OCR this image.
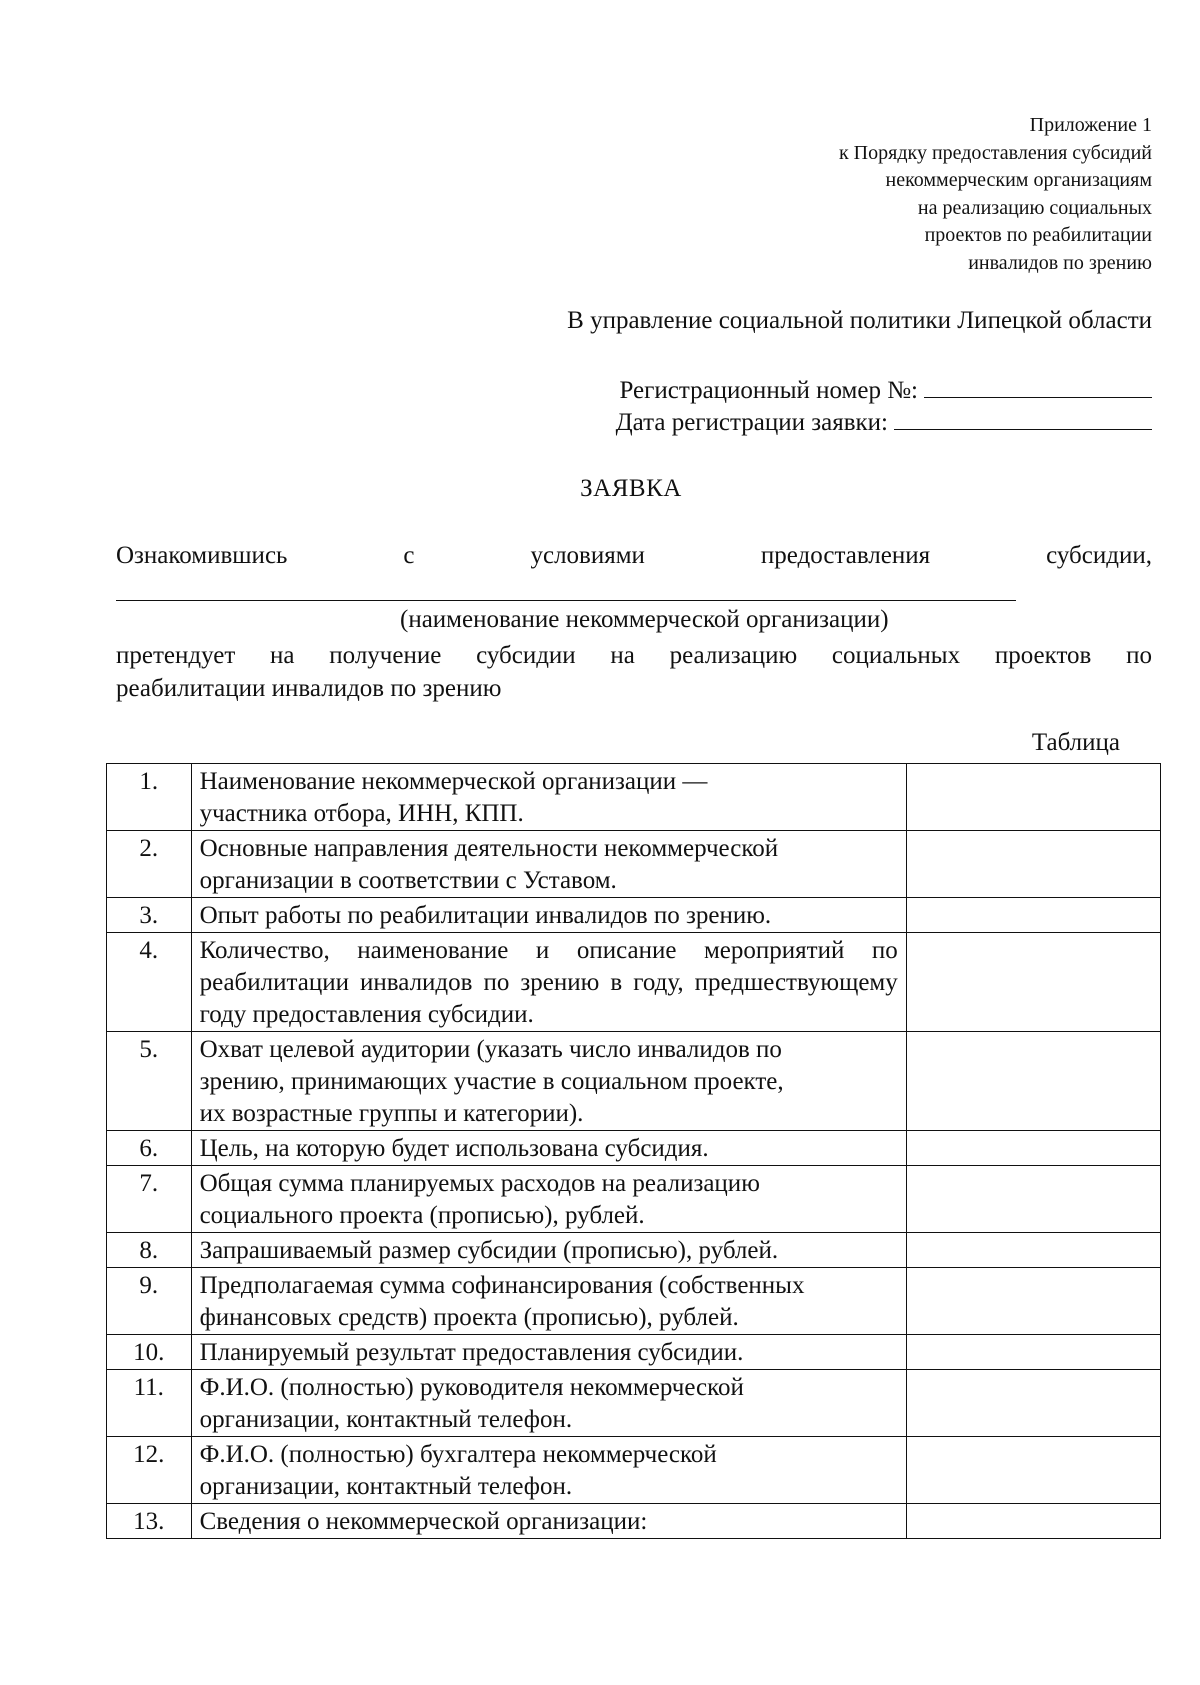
Приложение 1
к Порядку предоставления субсидий
некоммерческим организациям
на реализацию социальных
проектов по реабилитации
инвалидов по зрению
В управление социальной политики Липецкой области
Регистрационный номер №:
Дата регистрации заявки:
ЗАЯВКА
Ознакомившись	с	условиями	предоставления	субсидии,
(наименование некоммерческой организации)
претендует на получение субсидии на реализацию социальных проектов по
реабилитации инвалидов по зрению
Таблица
1.	Наименование некоммерческой организации —
участника отбора, ИНН, КПП.	
2.	Основные направления деятельности некоммерческой
организации в соответствии с Уставом.	
3.	Опыт работы по реабилитации инвалидов по зрению.	
4.	Количество, наименование и описание мероприятий по реабилитации инвалидов по зрению в году, предшествующему году предоставления субсидии.	
5.	Охват целевой аудитории (указать число инвалидов по
зрению, принимающих участие в социальном проекте,
их возрастные группы и категории).	
6.	Цель, на которую будет использована субсидия.	
7.	Общая сумма планируемых расходов на реализацию
социального проекта (прописью), рублей.	
8.	Запрашиваемый размер субсидии (прописью), рублей.	
9.	Предполагаемая сумма софинансирования (собственных
финансовых средств) проекта (прописью), рублей.	
10.	Планируемый результат предоставления субсидии.	
11.	Ф.И.О. (полностью) руководителя некоммерческой
организации, контактный телефон.	
12.	Ф.И.О. (полностью) бухгалтера некоммерческой
организации, контактный телефон.	
13.	Сведения о некоммерческой организации:	
